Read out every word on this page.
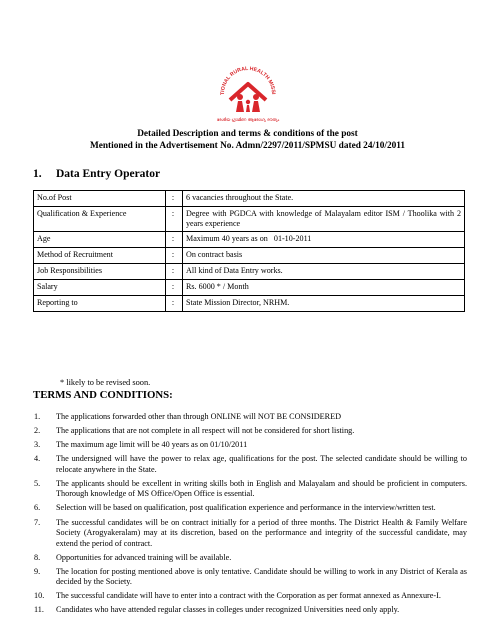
TIONAL RURAL HEALTH MISSI
ദേശീയ ഗ്രാമീണ ആരോഗ്യ ദൗത്യം
Detailed Description and terms & conditions of the post
Mentioned in the Advertisement No. Admn/2297/2011/SPMSU dated 24/10/2011
1. Data Entry Operator
No.of Post	:	6 vacancies throughout the State.
Qualification & Experience	:	Degree with PGDCA with knowledge of Malayalam editor ISM / Thoolika with 2 years experience
Age	:	Maximum 40 years as on   01-10-2011
Method of Recruitment	:	On contract basis
Job Responsibilities	:	All kind of Data Entry works.
Salary	:	Rs. 6000 * / Month
Reporting to	:	State Mission Director, NRHM.
* likely to be revised soon.
TERMS AND CONDITIONS:
1.	The applications forwarded other than through ONLINE will NOT BE CONSIDERED
2.	The applications that are not complete in all respect will not be considered for short listing.
3.	The maximum age limit will be 40 years as on 01/10/2011
4.	The undersigned will have the power to relax age, qualifications for the post. The selected candidate should be willing to relocate anywhere in the State.
5.	The applicants should be excellent in writing skills both in English and Malayalam and should be proficient in computers. Thorough knowledge of MS Office/Open Office is essential.
6.	Selection will be based on qualification, post qualification experience and performance in the interview/written test.
7.	The successful candidates will be on contract initially for a period of three months. The District Health & Family Welfare Society (Arogyakeralam) may at its discretion, based on the performance and integrity of the successful candidate, may extend the period of contract.
8.	Opportunities for advanced training will be available.
9.	The location for posting mentioned above is only tentative. Candidate should be willing to work in any District of Kerala as decided by the Society.
10.	The successful candidate will have to enter into a contract with the Corporation as per format annexed as Annexure-I.
11.	Candidates who have attended regular classes in colleges under recognized Universities need only apply.
